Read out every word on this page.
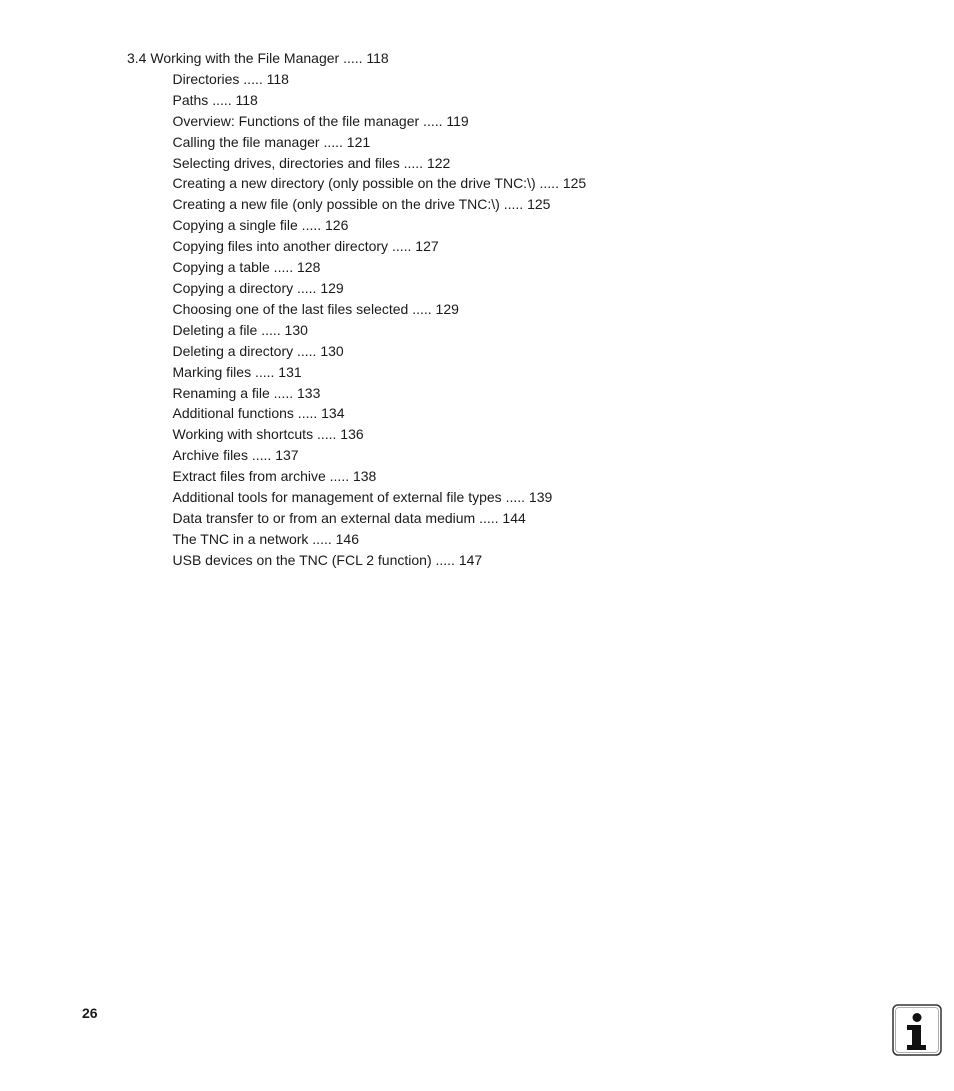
3.4 Working with the File Manager ..... 118
Directories ..... 118
Paths ..... 118
Overview: Functions of the file manager ..... 119
Calling the file manager ..... 121
Selecting drives, directories and files ..... 122
Creating a new directory (only possible on the drive TNC:\) ..... 125
Creating a new file (only possible on the drive TNC:\) ..... 125
Copying a single file ..... 126
Copying files into another directory ..... 127
Copying a table ..... 128
Copying a directory ..... 129
Choosing one of the last files selected ..... 129
Deleting a file ..... 130
Deleting a directory ..... 130
Marking files ..... 131
Renaming a file ..... 133
Additional functions ..... 134
Working with shortcuts ..... 136
Archive files ..... 137
Extract files from archive ..... 138
Additional tools for management of external file types ..... 139
Data transfer to or from an external data medium ..... 144
The TNC in a network ..... 146
USB devices on the TNC (FCL 2 function) ..... 147
26
